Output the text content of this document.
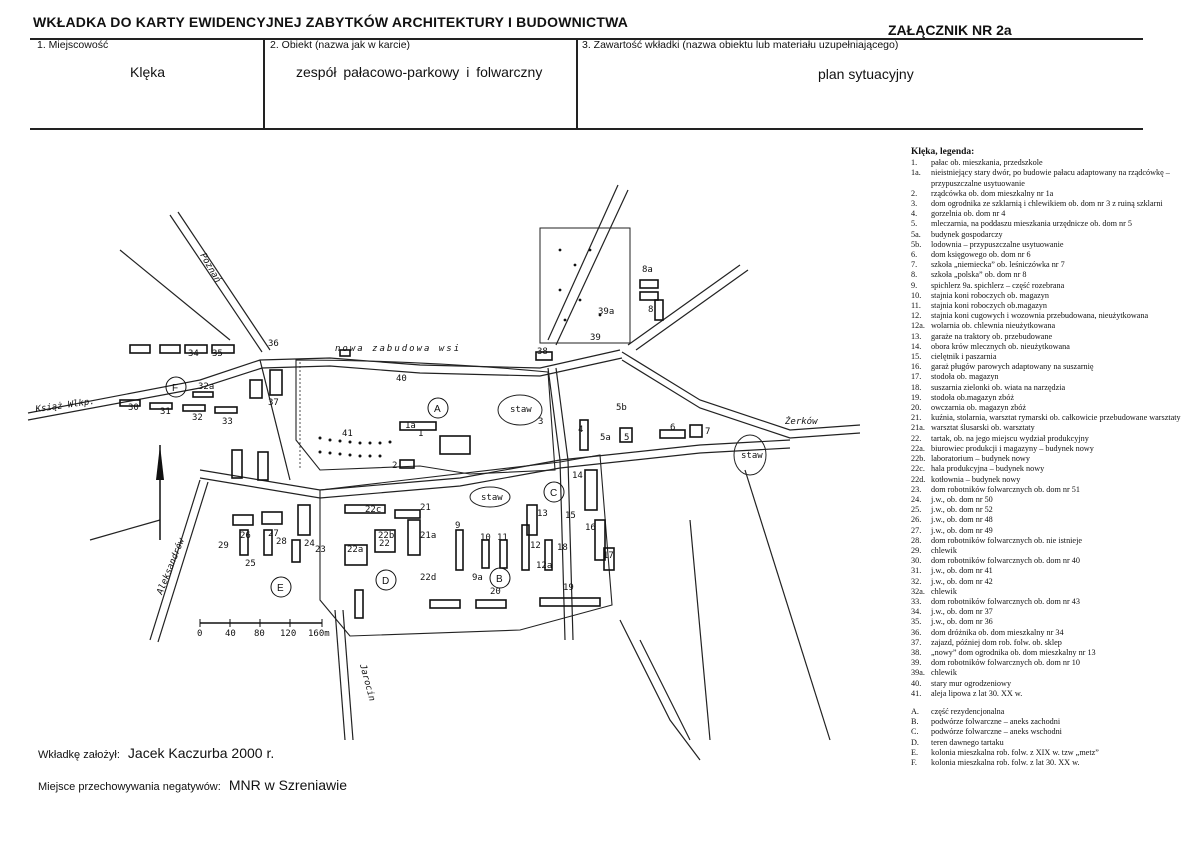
WKŁADKA DO KARTY EWIDENCYJNEJ ZABYTKÓW ARCHITEKTURY I BUDOWNICTWA	ZAŁĄCZNIK NR 2a
1. Miejscowość
Klęka
2. Obiekt (nazwa jak w karcie)
zespół pałacowo-parkowy i folwarczny
3. Zawartość wkładki (nazwa obiektu lub materiału uzupełniającego)
plan sytuacyjny
0	40 80 120 160m
Poznań
Książ Wlkp.
Aleksandrów
Żerków
Jarocin
nowa zabudowa wsi
A
B
C
D
E
F
staw
staw
staw
1
1a
2
3
4
5
5a
5b
6	7
8
8a
9
9a
10 11
12
12a
13
14
15
16
17
18
19
20
21
21a
22
22a
22b
22c
22d
23
24
25
26 27
28
29
30 31
32
32a
33
34 35
36
37
38
39
39a
40
41
Klęka, legenda:
1.	pałac ob. mieszkania, przedszkole
1a.	nieistniejący stary dwór, po budowie pałacu adaptowany na rządcówkę – przypuszczalne usytuowanie
2.	rządcówka ob. dom mieszkalny nr 1a
3.	dom ogrodnika ze szklarnią i chlewikiem ob. dom nr 3 z ruiną szklarni
4.	gorzelnia ob. dom nr 4
5.	mleczarnia, na poddaszu mieszkania urzędnicze ob. dom nr 5
5a.	budynek gospodarczy
5b.	lodownia – przypuszczalne usytuowanie
6.	dom księgowego ob. dom nr 6
7.	szkoła „niemiecka” ob. leśniczówka nr 7
8.	szkoła „polska” ob. dom nr 8
9.	spichlerz 9a. spichlerz – część rozebrana
10.	stajnia koni roboczych ob. magazyn
11.	stajnia koni roboczych ob.magazyn
12.	stajnia koni cugowych i wozownia przebudowana, nieużytkowana
12a. wolarnia ob. chlewnia nieużytkowana
13.	garaże na traktory ob. przebudowane
14.	obora krów mlecznych ob. nieużytkowana
15.	cielętnik i paszarnia
16.	garaż pługów parowych adaptowany na suszarnię
17.	stodoła ob. magazyn
18.	suszarnia zielonki ob. wiata na narzędzia
19.	stodoła ob.magazyn zbóż
20.	owczarnia ob. magazyn zbóż
21.	kuźnia, stolarnia, warsztat rymarski ob. całkowicie przebudowane warsztaty
21a. warsztat ślusarski ob. warsztaty
22.	tartak, ob. na jego miejscu wydział produkcyjny
22a. biurowiec produkcji i magazyny – budynek nowy
22b. laboratorium – budynek nowy
22c. hala produkcyjna – budynek nowy
22d. kotłownia – budynek nowy
23.	dom robotników folwarcznych ob. dom nr 51
24.	j.w., ob. dom nr 50
25.	j.w., ob. dom nr 52
26.	j.w., ob. dom nr 48
27.	j.w., ob. dom nr 49
28.	dom robotników folwarcznych ob. nie istnieje
29.	chlewik
30.	dom robotników folwarcznych ob. dom nr 40
31.	j.w., ob. dom nr 41
32.	j.w., ob. dom nr 42
32a. chlewik
33.	dom robotników folwarcznych ob. dom nr 43
34.	j.w., ob. dom nr 37
35.	j.w., ob. dom nr 36
36.	dom dróżnika ob. dom mieszkalny nr 34
37.	zajazd, później dom rob. folw. ob. sklep
38.	„nowy” dom ogrodnika ob. dom mieszkalny nr 13
39.	dom robotników folwarcznych ob. dom nr 10
39a. chlewik
40.	stary mur ogrodzeniowy
41.	aleja lipowa z lat 30. XX w.
A.	część rezydencjonalna
B.	podwórze folwarczne – aneks zachodni
C.	podwórze folwarczne – aneks wschodni
D.	teren dawnego tartaku
E.	kolonia mieszkalna rob. folw. z XIX w. tzw „metz”
F.	kolonia mieszkalna rob. folw. z lat 30. XX w.
Wkładkę założył: Jacek Kaczurba 2000 r.
Miejsce przechowywania negatywów: MNR w Szreniawie
